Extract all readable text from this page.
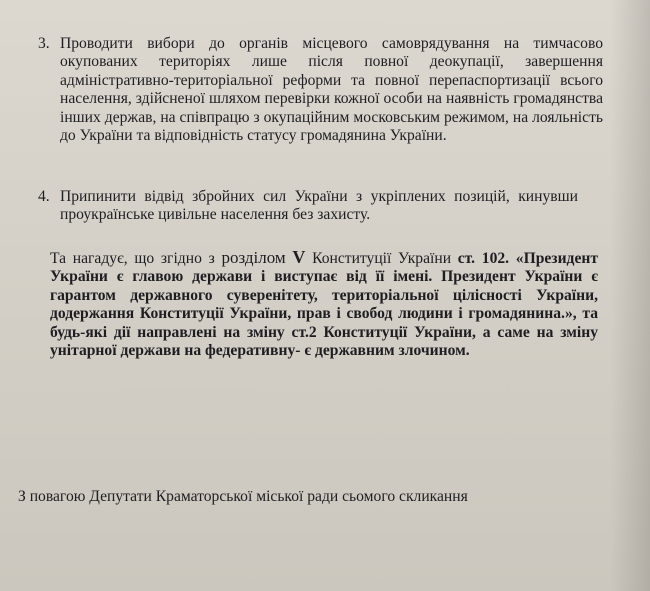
3. Проводити вибори до органів місцевого самоврядування на тимчасово окупованих територіях лише після повної деокупації, завершення адміністративно-територіальної реформи та повної перепаспортизації всього населення, здійсненої шляхом перевірки кожної особи на наявність громадянства інших держав, на співпрацю з окупаційним московським режимом, на лояльність до України та відповідність статусу громадянина України.
4. Припинити відвід збройних сил України з укріплених позицій, кинувши проукраїнське цивільне населення без захисту.
Та нагадує, що згідно з розділом V Конституції України ст. 102. «Президент України є главою держави і виступає від її імені. Президент України є гарантом державного суверенітету, територіальної цілісності України, додержання Конституції України, прав і свобод людини і громадянина.», та будь-які дії направлені на зміну ст.2 Конституції України, а саме на зміну унітарної держави на федеративну- є державним злочином.
З повагою Депутати Краматорської міської ради сьомого скликання
